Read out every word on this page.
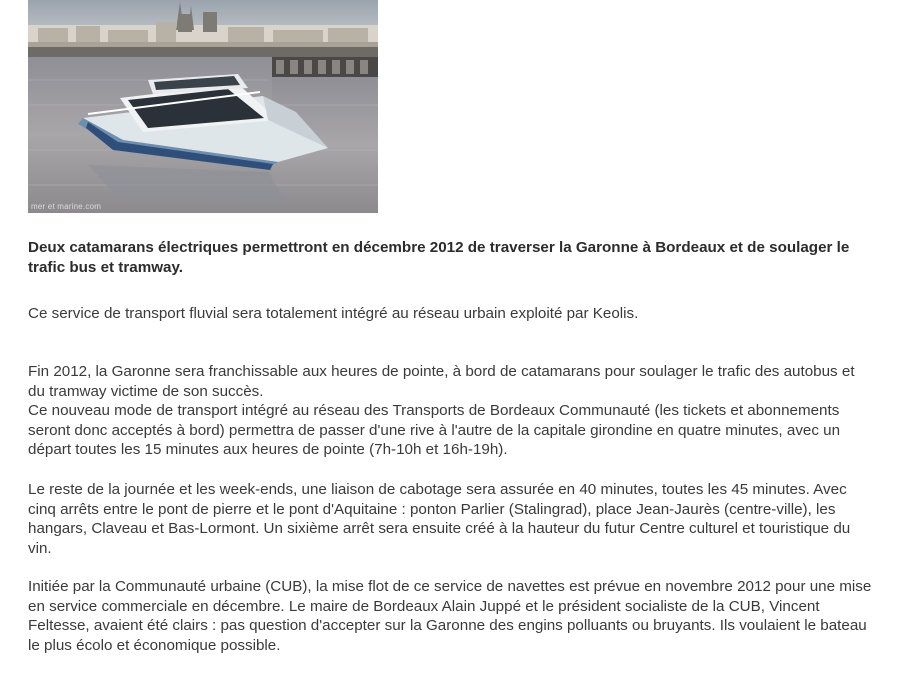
mer et marine.com

Deux catamarans électriques permettront en décembre 2012 de traverser la Garonne à Bordeaux et de soulager le trafic bus et tramway.

Ce service de transport fluvial sera totalement intégré au réseau urbain exploité par Keolis.

Fin 2012, la Garonne sera franchissable aux heures de pointe, à bord de catamarans pour soulager le trafic des autobus et du tramway victime de son succès.
Ce nouveau mode de transport intégré au réseau des Transports de Bordeaux Communauté (les tickets et abonnements seront donc acceptés à bord) permettra de passer d'une rive à l'autre de la capitale girondine en quatre minutes, avec un départ toutes les 15 minutes aux heures de pointe (7h-10h et 16h-19h).

Le reste de la journée et les week-ends, une liaison de cabotage sera assurée en 40 minutes, toutes les 45 minutes. Avec cinq arrêts entre le pont de pierre et le pont d'Aquitaine : ponton Parlier (Stalingrad), place Jean-Jaurès (centre-ville), les hangars, Claveau et Bas-Lormont. Un sixième arrêt sera ensuite créé à la hauteur du futur Centre culturel et touristique du vin.

Initiée par la Communauté urbaine (CUB), la mise flot de ce service de navettes est prévue en novembre 2012 pour une mise en service commerciale en décembre. Le maire de Bordeaux Alain Juppé et le président socialiste de la CUB, Vincent Feltesse, avaient été clairs : pas question d'accepter sur la Garonne des engins polluants ou bruyants. Ils voulaient le bateau le plus écolo et économique possible.
